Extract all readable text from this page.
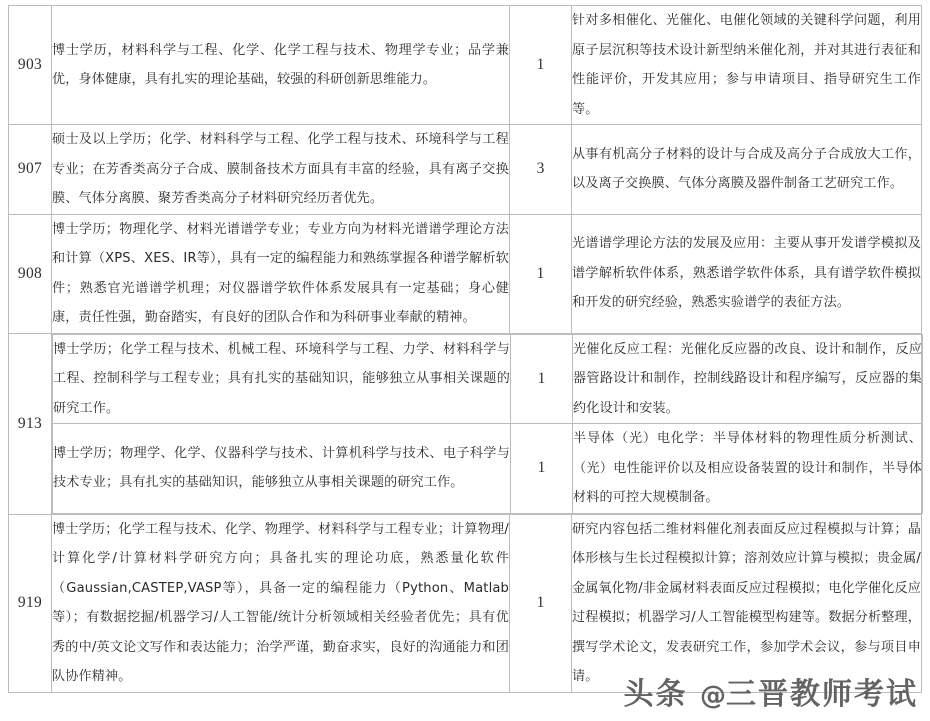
903	博士学历，材料科学与工程、化学、化学工程与技术、物理学专业；品学兼优，身体健康，具有扎实的理论基础，较强的科研创新思维能力。	1	针对多相催化、光催化、电催化领域的关键科学问题，利用原子层沉积等技术设计新型纳米催化剂，并对其进行表征和性能评价，开发其应用；参与申请项目、指导研究生工作等。
907	硕士及以上学历；化学、材料科学与工程、化学工程与技术、环境科学与工程专业；在芳香类高分子合成、膜制备技术方面具有丰富的经验，具有离子交换膜、气体分离膜、聚芳香类高分子材料研究经历者优先。	3	从事有机高分子材料的设计与合成及高分子合成放大工作，以及离子交换膜、气体分离膜及器件制备工艺研究工作。
908	博士学历；物理化学、材料光谱谱学专业；专业方向为材料光谱谱学理论方法和计算（XPS、XES、IR等），具有一定的编程能力和熟练掌握各种谱学解析软件；熟悉官光谱谱学机理；对仪器谱学软件体系发展具有一定基础；身心健康，责任性强，勤奋踏实，有良好的团队合作和为科研事业奉献的精神。	1	光谱谱学理论方法的发展及应用：主要从事开发谱学模拟及谱学解析软件体系，熟悉谱学软件体系，具有谱学软件模拟和开发的研究经验，熟悉实验谱学的表征方法。
913	
博士学历；化学工程与技术、机械工程、环境科学与工程、力学、材料科学与工程、控制科学与工程专业；具有扎实的基础知识，能够独立从事相关课题的研究工作。	1	光催化反应工程：光催化反应器的改良、设计和制作，反应器管路设计和制作，控制线路设计和程序编写，反应器的集约化设计和安装。
博士学历；物理学、化学、仪器科学与技术、计算机科学与技术、电子科学与技术专业；具有扎实的基础知识，能够独立从事相关课题的研究工作。	1	半导体（光）电化学：半导体材料的物理性质分析测试、（光）电性能评价以及相应设备装置的设计和制作，半导体材料的可控大规模制备。

919	博士学历；化学工程与技术、化学、物理学、材料科学与工程专业；计算物理/计算化学/计算材料学研究方向；具备扎实的理论功底，熟悉量化软件（Gaussian,CASTEP,VASP等），具备一定的编程能力（Python、Matlab等）；有数据挖掘/机器学习/人工智能/统计分析领域相关经验者优先；具有优秀的中/英文论文写作和表达能力；治学严谨，勤奋求实，良好的沟通能力和团队协作精神。	1	研究内容包括二维材料催化剂表面反应过程模拟与计算；晶体形核与生长过程模拟计算；溶剂效应计算与模拟；贵金属/金属氧化物/非金属材料表面反应过程模拟；电化学催化反应过程模拟；机器学习/人工智能模型构建等。数据分析整理，撰写学术论文，发表研究工作，参加学术会议，参与项目申请。
头条 @三晋教师考试
